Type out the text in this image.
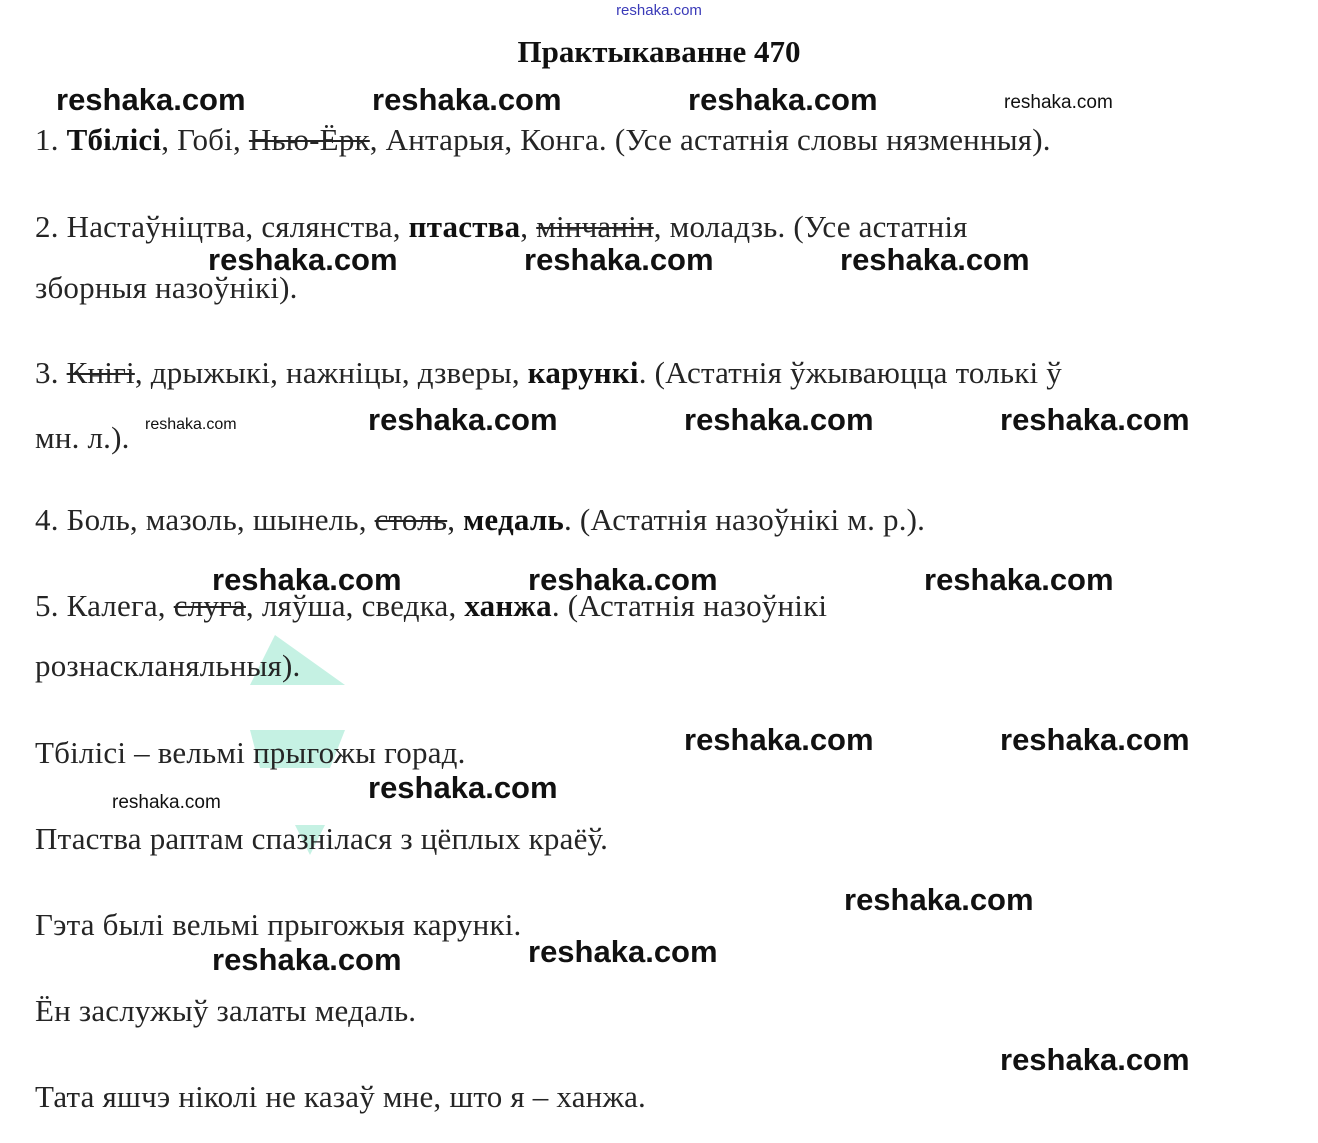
reshaka.com
Практыкаванне 470
1. Тбілісі, Гобі, Нью-Ёрк, Антарыя, Конга. (Усе астатнія словы нязменныя).
2. Настаўніцтва, сялянства, птаства, мінчанін, моладзь. (Усе астатнія
зборныя назоўнікі).
3. Кнігі, дрыжыкі, нажніцы, дзверы, карункі. (Астатнія ўжываюцца толькі ў
мн. л.).
4. Боль, мазоль, шынель, столь, медаль. (Астатнія назоўнікі м. р.).
5. Калега, слуга, ляўша, сведка, ханжа. (Астатнія назоўнікі
рознаскланяльныя).
Тбілісі – вельмі прыгожы горад.
Птаства раптам спазнілася з цёплых краёў.
Гэта былі вельмі прыгожыя карункі.
Ён заслужыў залаты медаль.
Тата яшчэ ніколі не казаў мне, што я – ханжа.
reshaka.com	reshaka.com	reshaka.com	reshaka.com
reshaka.com	reshaka.com	reshaka.com
reshaka.com	reshaka.com	reshaka.com	reshaka.com
reshaka.com	reshaka.com	reshaka.com
reshaka.com	reshaka.com
reshaka.com	reshaka.com
reshaka.com
reshaka.com	reshaka.com
reshaka.com
